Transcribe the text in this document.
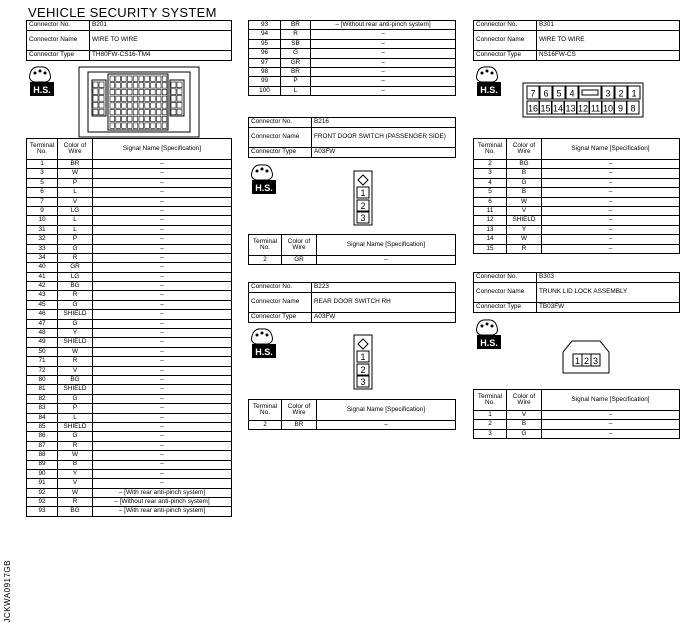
VEHICLE SECURITY SYSTEM
JCKWA0917GB
Connector No.	B201
Connector Name	WIRE TO WIRE
Connector Type	TH80FW-CS16-TM4
H.S.
Terminal No.	Color of Wire	Signal Name [Specification]
1	BR	–
3	W	–
5	P	–
6	L	–
7	V	–
9	LG	–
10	L	–
31	L	–
32	P	–
33	G	–
34	R	–
40	GR	–
41	LG	–
42	BG	–
43	R	–
45	G	–
46	SHIELD	–
47	G	–
48	Y	–
49	SHIELD	–
50	W	–
71	R	–
72	V	–
80	BG	–
81	SHIELD	–
82	G	–
83	P	–
84	L	–
85	SHIELD	–
86	G	–
87	R	–
88	W	–
89	B	–
90	Y	–
91	V	–
92	W	– [With rear anti-pinch system]
92	R	– [Without rear anti-pinch system]
93	BG	– [With rear anti-pinch system]
93	BR	– [Without rear anti-pinch system]
94	R	–
95	SB	–
96	G	–
97	GR	–
98	BR	–
99	P	–
100	L	–
Connector No.	B216
Connector Name	FRONT DOOR SWITCH (PASSENGER SIDE)
Connector Type	A03FW
H.S.	1
2
3
Terminal No.	Color of Wire	Signal Name [Specification]
2	GR	–
Connector No.	B223
Connector Name	REAR DOOR SWITCH RH
Connector Type	A03FW
H.S.	1
2
3
Terminal No.	Color of Wire	Signal Name [Specification]
2	BR	–
Connector No.	B301
Connector Name	WIRE TO WIRE
Connector Type	NS16FW-CS
H.S.	7 6 5 4	3 2 1
16 15 14 13 12 11 10 9 8
Terminal No.	Color of Wire	Signal Name [Specification]
2	BG	–
3	B	–
4	G	–
5	B	–
6	W	–
11	V	–
12	SHIELD	–
13	Y	–
14	W	–
15	R	–
Connector No.	B303
Connector Name	TRUNK LID LOCK ASSEMBLY
Connector Type	TB03FW
H.S.
1 2 3
Terminal No.	Color of Wire	Signal Name [Specification]
1	V	–
2	B	–
3	G	–
